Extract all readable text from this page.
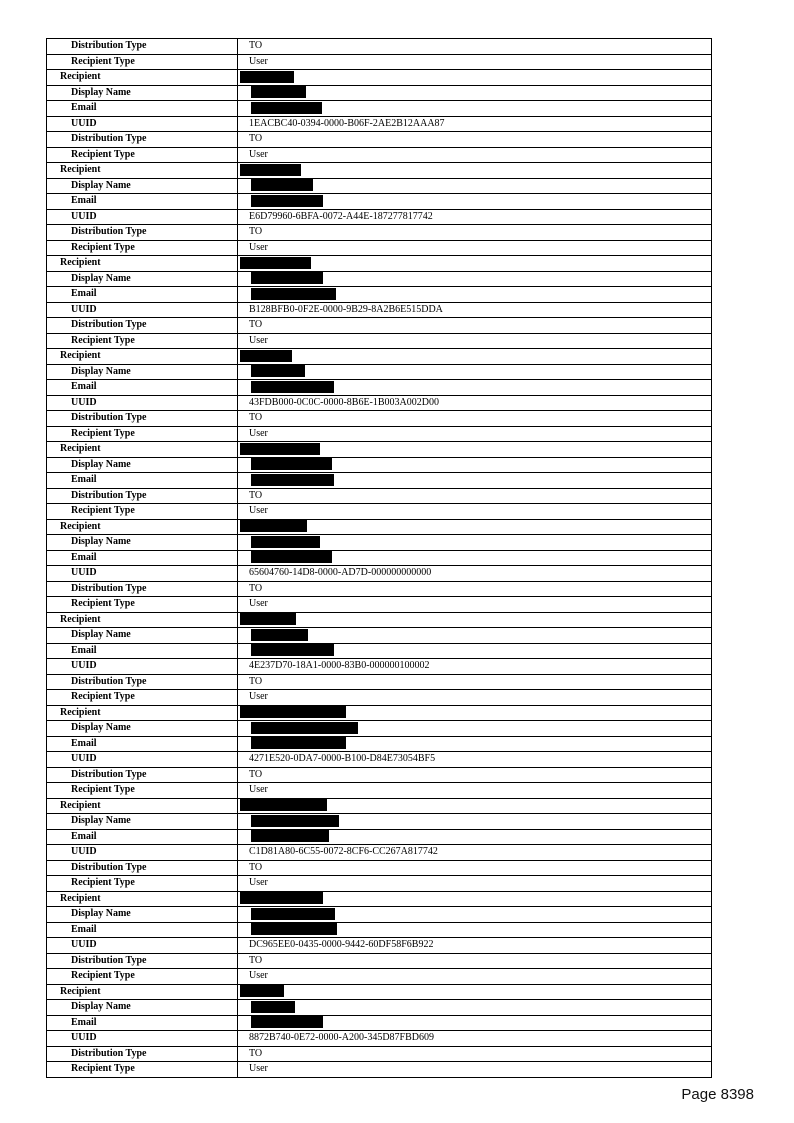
Distribution Type	TO
Recipient Type	User
Recipient	
Display Name	
Email	
UUID	1EACBC40-0394-0000-B06F-2AE2B12AAA87
Distribution Type	TO
Recipient Type	User
Recipient	
Display Name	
Email	
UUID	E6D79960-6BFA-0072-A44E-187277817742
Distribution Type	TO
Recipient Type	User
Recipient	
Display Name	
Email	
UUID	B128BFB0-0F2E-0000-9B29-8A2B6E515DDA
Distribution Type	TO
Recipient Type	User
Recipient	
Display Name	
Email	
UUID	43FDB000-0C0C-0000-8B6E-1B003A002D00
Distribution Type	TO
Recipient Type	User
Recipient	
Display Name	
Email	
Distribution Type	TO
Recipient Type	User
Recipient	
Display Name	
Email	
UUID	65604760-14D8-0000-AD7D-000000000000
Distribution Type	TO
Recipient Type	User
Recipient	
Display Name	
Email	
UUID	4E237D70-18A1-0000-83B0-000000100002
Distribution Type	TO
Recipient Type	User
Recipient	
Display Name	
Email	
UUID	4271E520-0DA7-0000-B100-D84E73054BF5
Distribution Type	TO
Recipient Type	User
Recipient	
Display Name	
Email	
UUID	C1D81A80-6C55-0072-8CF6-CC267A817742
Distribution Type	TO
Recipient Type	User
Recipient	
Display Name	
Email	
UUID	DC965EE0-0435-0000-9442-60DF58F6B922
Distribution Type	TO
Recipient Type	User
Recipient	
Display Name	
Email	
UUID	8872B740-0E72-0000-A200-345D87FBD609
Distribution Type	TO
Recipient Type	User
Page 8398
